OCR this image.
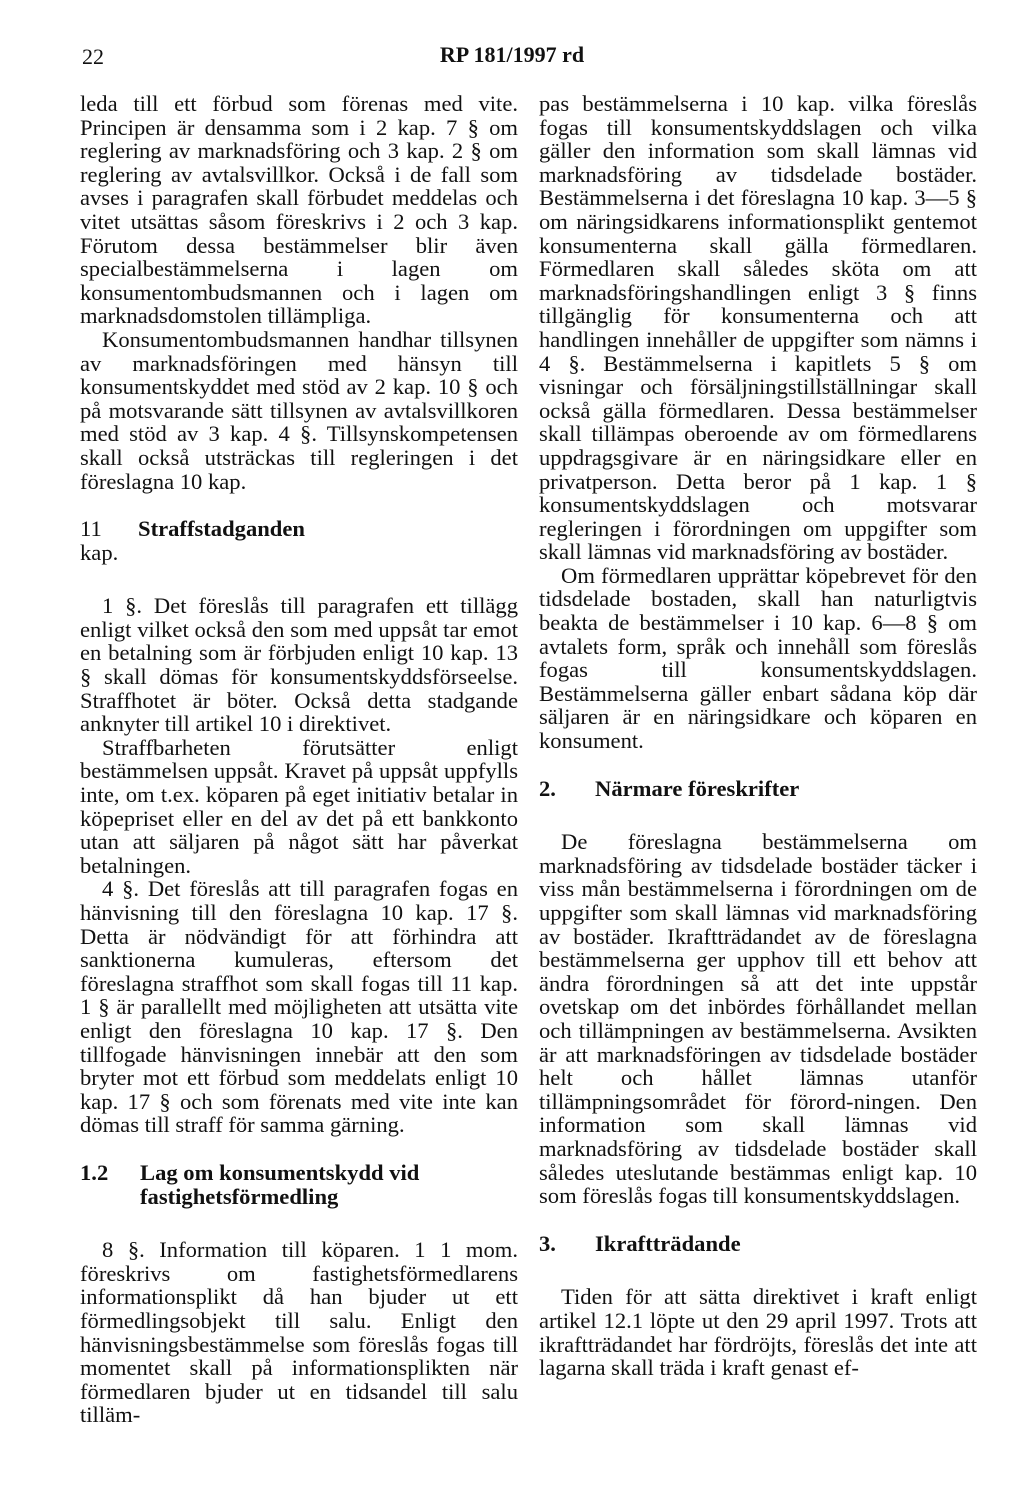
22	RP 181/1997 rd

leda till ett förbud som förenas med vite. Principen är densamma som i 2 kap. 7 § om reglering av marknadsföring och 3 kap. 2 § om reglering av avtalsvillkor. Också i de fall som avses i paragrafen skall förbudet meddelas och vitet utsättas såsom föreskrivs i 2 och 3 kap. Förutom dessa bestämmelser blir även specialbestämmelserna i lagen om konsumentombudsmannen och i lagen om marknadsdomstolen tillämpliga.

Konsumentombudsmannen handhar tillsynen av marknadsföringen med hänsyn till konsumentskyddet med stöd av 2 kap. 10 § och på motsvarande sätt tillsynen av avtalsvillkoren med stöd av 3 kap. 4 §. Tillsynskompetensen skall också utsträckas till regleringen i det föreslagna 10 kap.

11 kap.
Straffstadganden

1 §. Det föreslås till paragrafen ett tillägg enligt vilket också den som med uppsåt tar emot en betalning som är förbjuden enligt 10 kap. 13 § skall dömas för konsumentskyddsförseelse. Straffhotet är böter. Också detta stadgande anknyter till artikel 10 i direktivet.

Straffbarheten förutsätter enligt bestämmelsen uppsåt. Kravet på uppsåt uppfylls inte, om t.ex. köparen på eget initiativ betalar in köpepriset eller en del av det på ett bankkonto utan att säljaren på något sätt har påverkat betalningen.

4 §. Det föreslås att till paragrafen fogas en hänvisning till den föreslagna 10 kap. 17 §. Detta är nödvändigt för att förhindra att sanktionerna kumuleras, eftersom det föreslagna straffhot som skall fogas till 11 kap. 1 § är parallellt med möjligheten att utsätta vite enligt den föreslagna 10 kap. 17 §. Den tillfogade hänvisningen innebär att den som bryter mot ett förbud som meddelats enligt 10 kap. 17 § och som förenats med vite inte kan dömas till straff för samma gärning.

1.2	Lag om konsumentskydd vid fastighetsförmedling

8 §. Information till köparen. 1 1 mom. föreskrivs om fastighetsförmedlarens informationsplikt då han bjuder ut ett förmedlingsobjekt till salu. Enligt den hänvisningsbestämmelse som föreslås fogas till momentet skall på informationsplikten när förmedlaren bjuder ut en tidsandel till salu tilläm-

pas bestämmelserna i 10 kap. vilka föreslås fogas till konsumentskyddslagen och vilka gäller den information som skall lämnas vid marknadsföring av tidsdelade bostäder. Bestämmelserna i det föreslagna 10 kap. 3—5 § om näringsidkarens informationsplikt gentemot konsumenterna skall gälla förmedlaren. Förmedlaren skall således sköta om att marknadsföringshandlingen enligt 3 § finns tillgänglig för konsumenterna och att handlingen innehåller de uppgifter som nämns i 4 §. Bestämmelserna i kapitlets 5 § om visningar och försäljningstillställningar skall också gälla förmedlaren. Dessa bestämmelser skall tillämpas oberoende av om förmedlarens uppdragsgivare är en näringsidkare eller en privatperson. Detta beror på 1 kap. 1 § konsumentskyddslagen och motsvarar regleringen i förordningen om uppgifter som skall lämnas vid marknadsföring av bostäder.

Om förmedlaren upprättar köpebrevet för den tidsdelade bostaden, skall han naturligtvis beakta de bestämmelser i 10 kap. 6—8 § om avtalets form, språk och innehåll som föreslås fogas till konsumentskyddslagen. Bestämmelserna gäller enbart sådana köp där säljaren är en näringsidkare och köparen en konsument.

2.	Närmare föreskrifter

De föreslagna bestämmelserna om marknadsföring av tidsdelade bostäder täcker i viss mån bestämmelserna i förordningen om de uppgifter som skall lämnas vid marknadsföring av bostäder. Ikraftträdandet av de föreslagna bestämmelserna ger upphov till ett behov att ändra förordningen så att det inte uppstår ovetskap om det inbördes förhållandet mellan och tillämpningen av bestämmelserna. Avsikten är att marknadsföringen av tidsdelade bostäder helt och hållet lämnas utanför tillämpningsområdet för förord-ningen. Den information som skall lämnas vid marknadsföring av tidsdelade bostäder skall således uteslutande bestämmas enligt kap. 10 som föreslås fogas till konsumentskyddslagen.

3.	Ikraftträdande

Tiden för att sätta direktivet i kraft enligt artikel 12.1 löpte ut den 29 april 1997. Trots att ikraftträdandet har fördröjts, föreslås det inte att lagarna skall träda i kraft genast ef-
